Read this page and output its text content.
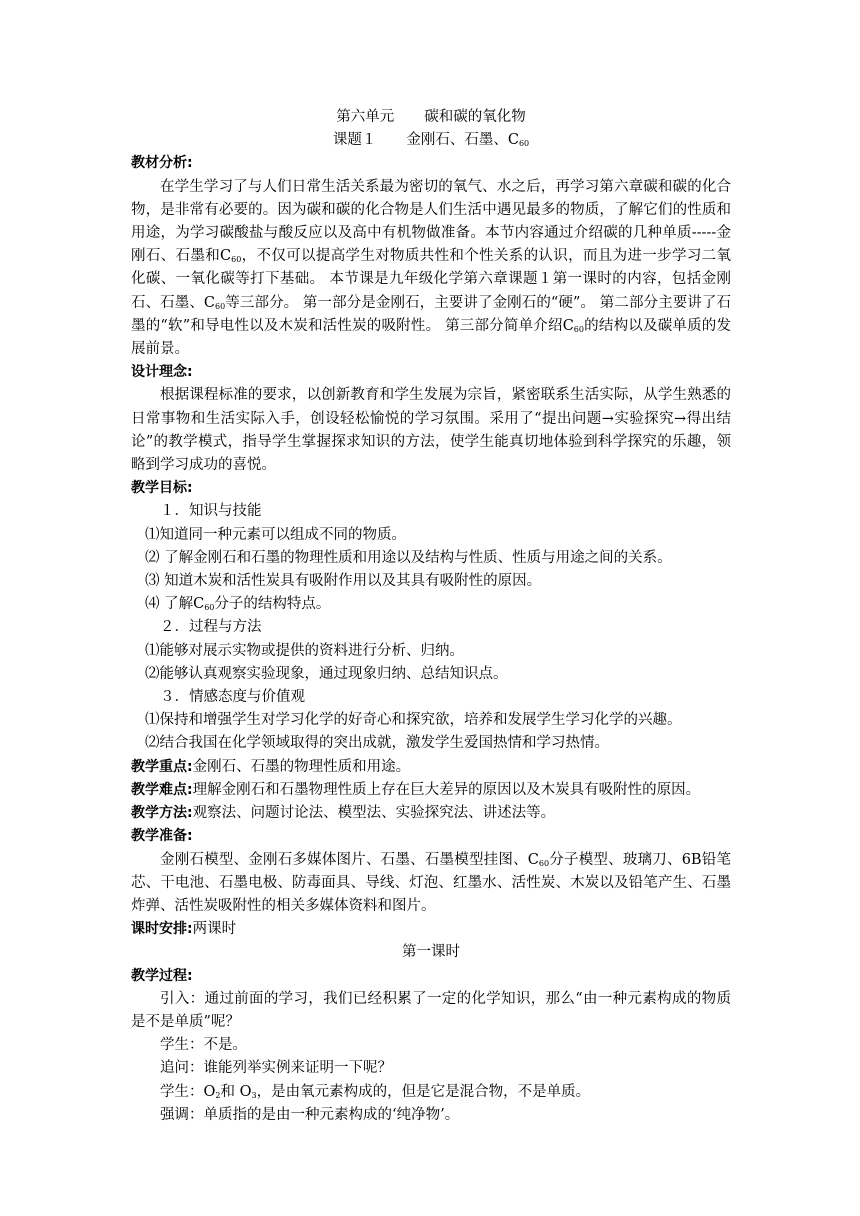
第六单元 碳和碳的氧化物

课题１ 金刚石、石墨、$C_{60}$

教材分析:

在学生学习了与人们日常生活关系最为密切的氧气、水之后，再学习第六章碳和碳的化合物，是非常有必要的。因为碳和碳的化合物是人们生活中遇见最多的物质，了解它们的性质和用途，为学习碳酸盐与酸反应以及高中有机物做准备。本节内容通过介绍碳的几种单质-----金刚石、石墨和$C_{60}$，不仅可以提高学生对物质共性和个性关系的认识，而且为进一步学习二氧化碳、一氧化碳等打下基础。 本节课是九年级化学第六章课题１第一课时的内容，包括金刚石、石墨、$C_{60}$等三部分。 第一部分是金刚石，主要讲了金刚石的“硬”。 第二部分主要讲了石墨的“软”和导电性以及木炭和活性炭的吸附性。 第三部分简单介绍$C_{60}$的结构以及碳单质的发展前景。

设计理念:

根据课程标准的要求，以创新教育和学生发展为宗旨，紧密联系生活实际，从学生熟悉的日常事物和生活实际入手，创设轻松愉悦的学习氛围。采用了“提出问题→实验探究→得出结论”的教学模式，指导学生掌握探求知识的方法，使学生能真切地体验到科学探究的乐趣，领略到学习成功的喜悦。

教学目标:

１．知识与技能

⑴知道同一种元素可以组成不同的物质。

⑵ 了解金刚石和石墨的物理性质和用途以及结构与性质、性质与用途之间的关系。

⑶ 知道木炭和活性炭具有吸附作用以及其具有吸附性的原因。

⑷ 了解$C_{60}$分子的结构特点。

２．过程与方法

⑴能够对展示实物或提供的资料进行分析、归纳。

⑵能够认真观察实验现象，通过现象归纳、总结知识点。

３．情感态度与价值观

⑴保持和增强学生对学习化学的好奇心和探究欲，培养和发展学生学习化学的兴趣。

⑵结合我国在化学领域取得的突出成就，激发学生爱国热情和学习热情。

教学重点:金刚石、石墨的物理性质和用途。

教学难点:理解金刚石和石墨物理性质上存在巨大差异的原因以及木炭具有吸附性的原因。

教学方法:观察法、问题讨论法、模型法、实验探究法、讲述法等。

教学准备:

金刚石模型、金刚石多媒体图片、石墨、石墨模型挂图、$C_{60}$分子模型、玻璃刀、6B铅笔芯、干电池、石墨电极、防毒面具、导线、灯泡、红墨水、活性炭、木炭以及铅笔产生、石墨炸弹、活性炭吸附性的相关多媒体资料和图片。

课时安排:两课时

第一课时

教学过程:

引入：通过前面的学习，我们已经积累了一定的化学知识，那么“由一种元素构成的物质是不是单质”呢？

学生：不是。

追问：谁能列举实例来证明一下呢？

学生：$O_2$和 $O_3$，是由氧元素构成的，但是它是混合物，不是单质。

强调：单质指的是由一种元素构成的‘纯净物’。
